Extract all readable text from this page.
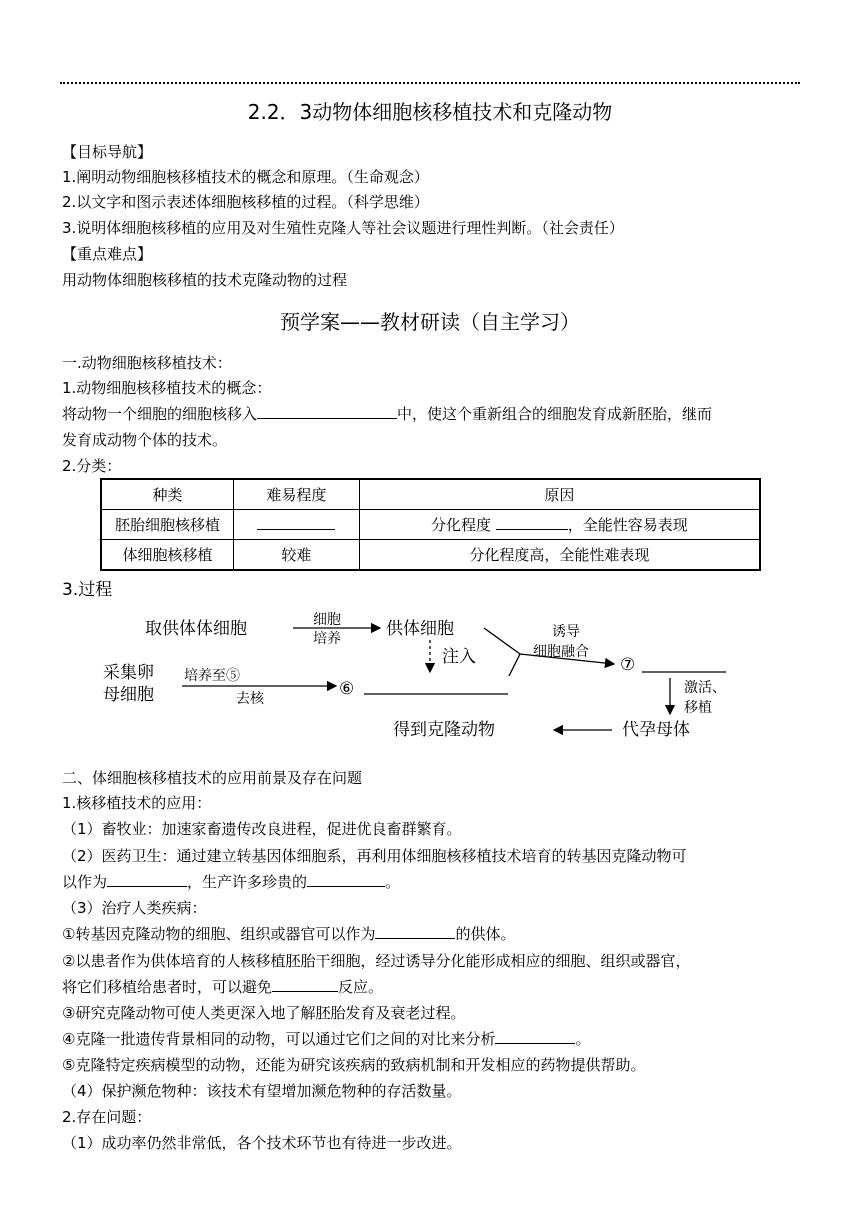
2.2．3动物体细胞核移植技术和克隆动物
【目标导航】
1.阐明动物细胞核移植技术的概念和原理。（生命观念）
2.以文字和图示表述体细胞核移植的过程。（科学思维）
3.说明体细胞核移植的应用及对生殖性克隆人等社会议题进行理性判断。（社会责任）
【重点难点】
用动物体细胞核移植的技术克隆动物的过程
预学案——教材研读（自主学习）
一.动物细胞核移植技术：
1.动物细胞核移植技术的概念：
将动物一个细胞的细胞核移入	中，使这个重新组合的细胞发育成新胚胎，继而
发育成动物个体的技术。
2.分类：
种类	难易程度	原因
胚胎细胞核移植		分化程度 ，全能性容易表现
体细胞核移植	较难	分化程度高，全能性难表现
3.过程
取供体体细胞	细胞
培养	供体细胞	诱导
细胞融合
注入	⑦
激活、
移植
采集卵
母细胞
培养至⑤
去核	⑥
得到克隆动物	代孕母体
二、体细胞核移植技术的应用前景及存在问题
1.核移植技术的应用：
（1）畜牧业：加速家畜遗传改良进程，促进优良畜群繁育。
（2）医药卫生：通过建立转基因体细胞系，再利用体细胞核移植技术培育的转基因克隆动物可
以作为	，生产许多珍贵的	。
（3）治疗人类疾病：
①转基因克隆动物的细胞、组织或器官可以作为	的供体。
②以患者作为供体培育的人核移植胚胎干细胞，经过诱导分化能形成相应的细胞、组织或器官，
将它们移植给患者时，可以避免	反应。
③研究克隆动物可使人类更深入地了解胚胎发育及衰老过程。
④克隆一批遗传背景相同的动物，可以通过它们之间的对比来分析	。
⑤克隆特定疾病模型的动物，还能为研究该疾病的致病机制和开发相应的药物提供帮助。
（4）保护濒危物种：该技术有望增加濒危物种的存活数量。
2.存在问题：
（1）成功率仍然非常低，各个技术环节也有待进一步改进。
